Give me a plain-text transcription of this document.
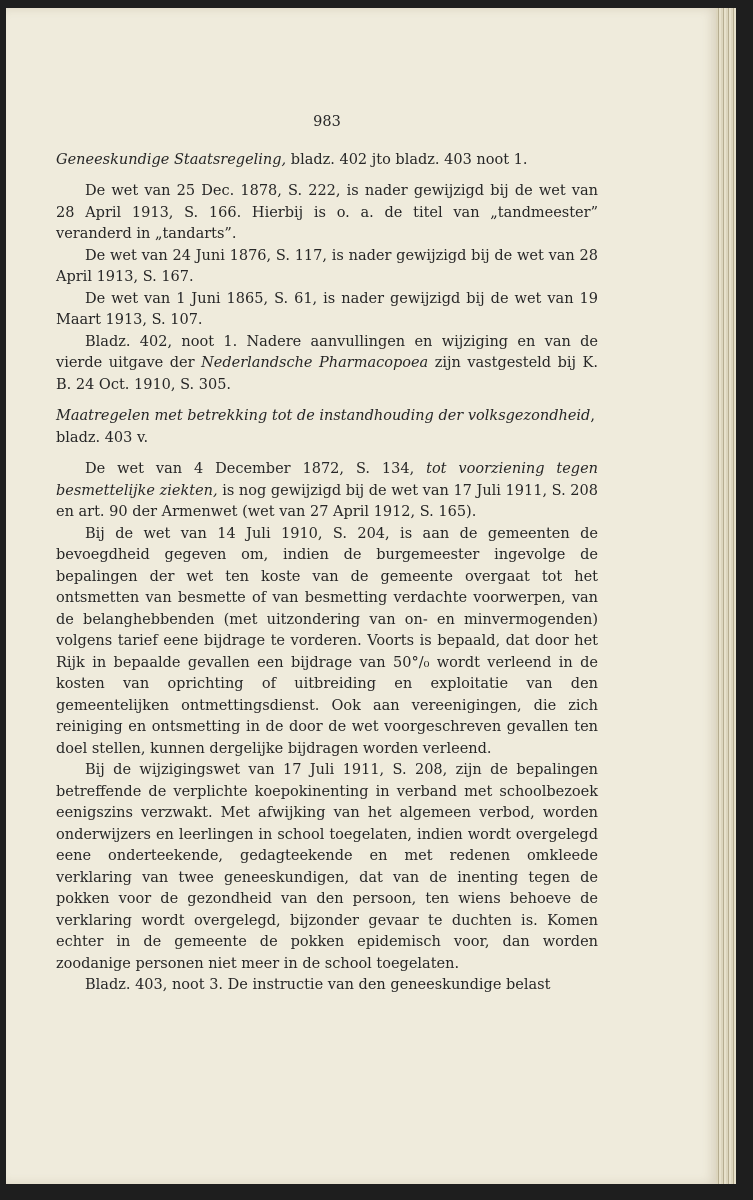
983

Geneeskundige Staatsregeling, bladz. 402 jto bladz. 403 noot 1.

De wet van 25 Dec. 1878, S. 222, is nader gewijzigd bij de wet van 28 April 1913, S. 166. Hierbij is o. a. de titel van „tandmeester” veranderd in „tandarts”.

De wet van 24 Juni 1876, S. 117, is nader gewijzigd bij de wet van 28 April 1913, S. 167.

De wet van 1 Juni 1865, S. 61, is nader gewijzigd bij de wet van 19 Maart 1913, S. 107.

Bladz. 402, noot 1. Nadere aanvullingen en wijziging en van de vierde uitgave der Nederlandsche Pharmacopoea zijn vastgesteld bij K. B. 24 Oct. 1910, S. 305.

Maatregelen met betrekking tot de instandhouding der volksgezondheid, bladz. 403 v.

De wet van 4 December 1872, S. 134, tot voorziening tegen besmettelijke ziekten, is nog gewijzigd bij de wet van 17 Juli 1911, S. 208 en art. 90 der Armenwet (wet van 27 April 1912, S. 165).

Bij de wet van 14 Juli 1910, S. 204, is aan de gemeenten de bevoegdheid gegeven om, indien de burgemeester ingevolge de bepalingen der wet ten koste van de gemeente overgaat tot het ontsmetten van besmette of van besmetting verdachte voorwerpen, van de belanghebbenden (met uitzondering van on- en minvermogenden) volgens tarief eene bijdrage te vorderen. Voorts is bepaald, dat door het Rijk in bepaalde gevallen een bijdrage van 50°/₀ wordt verleend in de kosten van oprichting of uitbreiding en exploitatie van den gemeentelijken ontmettingsdienst. Ook aan vereenigingen, die zich reiniging en ontsmetting in de door de wet voorgeschreven gevallen ten doel stellen, kunnen dergelijke bijdragen worden verleend.

Bij de wijzigingswet van 17 Juli 1911, S. 208, zijn de bepalingen betreffende de verplichte koepokinenting in verband met schoolbezoek eenigszins verzwakt. Met afwijking van het algemeen verbod, worden onderwijzers en leerlingen in school toegelaten, indien wordt overgelegd eene onderteekende, gedagteekende en met redenen omkleede verklaring van twee geneeskundigen, dat van de inenting tegen de pokken voor de gezondheid van den persoon, ten wiens behoeve de verklaring wordt overgelegd, bijzonder gevaar te duchten is. Komen echter in de gemeente de pokken epidemisch voor, dan worden zoodanige personen niet meer in de school toegelaten.

Bladz. 403, noot 3. De instructie van den geneeskundige belast
